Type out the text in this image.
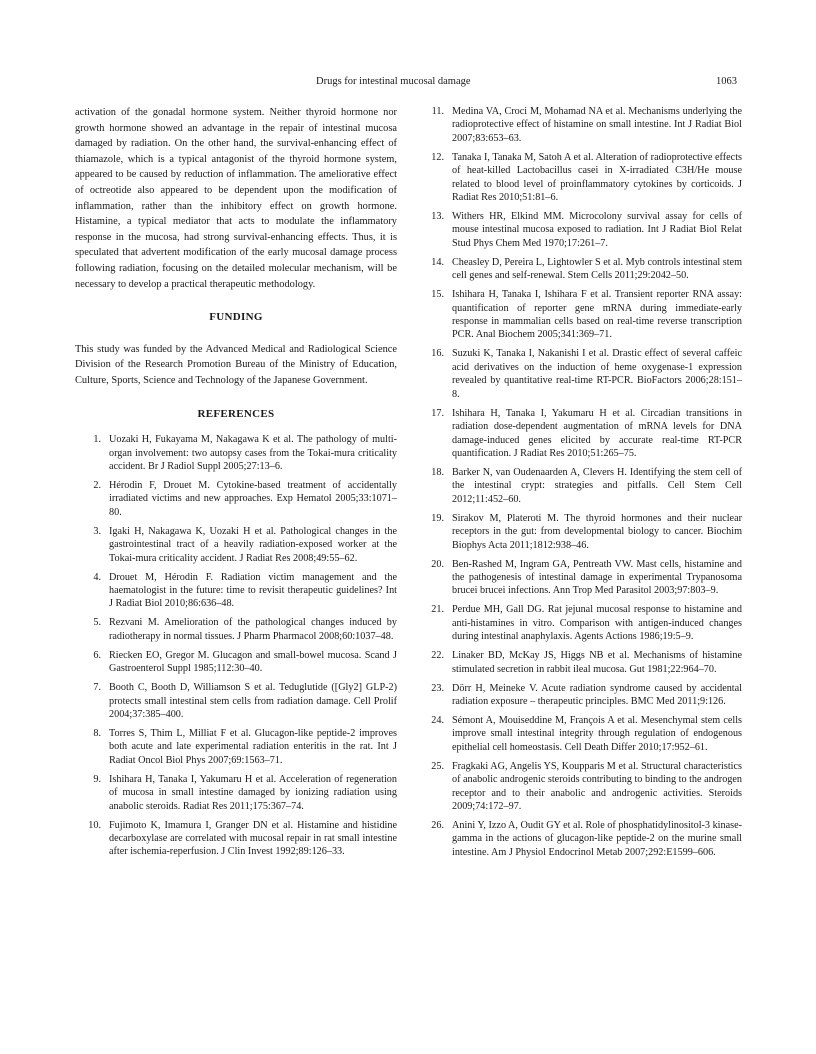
Drugs for intestinal mucosal damage	1063

activation of the gonadal hormone system. Neither thyroid hormone nor growth hormone showed an advantage in the repair of intestinal mucosa damaged by radiation. On the other hand, the survival-enhancing effect of thiamazole, which is a typical antagonist of the thyroid hormone system, appeared to be caused by reduction of inflammation. The ameliorative effect of octreotide also appeared to be dependent upon the modification of inflammation, rather than the inhibitory effect on growth hormone. Histamine, a typical mediator that acts to modulate the inflammatory response in the mucosa, had strong survival-enhancing effects. Thus, it is speculated that advertent modification of the early mucosal damage process following radiation, focusing on the detailed molecular mechanism, will be necessary to develop a practical therapeutic methodology.

FUNDING

This study was funded by the Advanced Medical and Radiological Science Division of the Research Promotion Bureau of the Ministry of Education, Culture, Sports, Science and Technology of the Japanese Government.

REFERENCES
1. Uozaki H, Fukayama M, Nakagawa K et al. The pathology of multi-organ involvement: two autopsy cases from the Tokai-mura criticality accident. Br J Radiol Suppl 2005;27:13–6.
2. Hérodin F, Drouet M. Cytokine-based treatment of accidentally irradiated victims and new approaches. Exp Hematol 2005;33:1071–80.
3. Igaki H, Nakagawa K, Uozaki H et al. Pathological changes in the gastrointestinal tract of a heavily radiation-exposed worker at the Tokai-mura criticality accident. J Radiat Res 2008;49:55–62.
4. Drouet M, Hérodin F. Radiation victim management and the haematologist in the future: time to revisit therapeutic guidelines? Int J Radiat Biol 2010;86:636–48.
5. Rezvani M. Amelioration of the pathological changes induced by radiotherapy in normal tissues. J Pharm Pharmacol 2008;60:1037–48.
6. Riecken EO, Gregor M. Glucagon and small-bowel mucosa. Scand J Gastroenterol Suppl 1985;112:30–40.
7. Booth C, Booth D, Williamson S et al. Teduglutide ([Gly2] GLP-2) protects small intestinal stem cells from radiation damage. Cell Prolif 2004;37:385–400.
8. Torres S, Thim L, Milliat F et al. Glucagon-like peptide-2 improves both acute and late experimental radiation enteritis in the rat. Int J Radiat Oncol Biol Phys 2007;69:1563–71.
9. Ishihara H, Tanaka I, Yakumaru H et al. Acceleration of regeneration of mucosa in small intestine damaged by ionizing radiation using anabolic steroids. Radiat Res 2011;175:367–74.
10. Fujimoto K, Imamura I, Granger DN et al. Histamine and histidine decarboxylase are correlated with mucosal repair in rat small intestine after ischemia-reperfusion. J Clin Invest 1992;89:126–33.
11. Medina VA, Croci M, Mohamad NA et al. Mechanisms underlying the radioprotective effect of histamine on small intestine. Int J Radiat Biol 2007;83:653–63.
12. Tanaka I, Tanaka M, Satoh A et al. Alteration of radioprotective effects of heat-killed Lactobacillus casei in X-irradiated C3H/He mouse related to blood level of proinflammatory cytokines by corticoids. J Radiat Res 2010;51:81–6.
13. Withers HR, Elkind MM. Microcolony survival assay for cells of mouse intestinal mucosa exposed to radiation. Int J Radiat Biol Relat Stud Phys Chem Med 1970;17:261–7.
14. Cheasley D, Pereira L, Lightowler S et al. Myb controls intestinal stem cell genes and self-renewal. Stem Cells 2011;29:2042–50.
15. Ishihara H, Tanaka I, Ishihara F et al. Transient reporter RNA assay: quantification of reporter gene mRNA during immediate-early response in mammalian cells based on real-time reverse transcription PCR. Anal Biochem 2005;341:369–71.
16. Suzuki K, Tanaka I, Nakanishi I et al. Drastic effect of several caffeic acid derivatives on the induction of heme oxygenase-1 expression revealed by quantitative real-time RT-PCR. BioFactors 2006;28:151–8.
17. Ishihara H, Tanaka I, Yakumaru H et al. Circadian transitions in radiation dose-dependent augmentation of mRNA levels for DNA damage-induced genes elicited by accurate real-time RT-PCR quantification. J Radiat Res 2010;51:265–75.
18. Barker N, van Oudenaarden A, Clevers H. Identifying the stem cell of the intestinal crypt: strategies and pitfalls. Cell Stem Cell 2012;11:452–60.
19. Sirakov M, Plateroti M. The thyroid hormones and their nuclear receptors in the gut: from developmental biology to cancer. Biochim Biophys Acta 2011;1812:938–46.
20. Ben-Rashed M, Ingram GA, Pentreath VW. Mast cells, histamine and the pathogenesis of intestinal damage in experimental Trypanosoma brucei brucei infections. Ann Trop Med Parasitol 2003;97:803–9.
21. Perdue MH, Gall DG. Rat jejunal mucosal response to histamine and anti-histamines in vitro. Comparison with antigen-induced changes during intestinal anaphylaxis. Agents Actions 1986;19:5–9.
22. Linaker BD, McKay JS, Higgs NB et al. Mechanisms of histamine stimulated secretion in rabbit ileal mucosa. Gut 1981;22:964–70.
23. Dörr H, Meineke V. Acute radiation syndrome caused by accidental radiation exposure – therapeutic principles. BMC Med 2011;9:126.
24. Sémont A, Mouiseddine M, François A et al. Mesenchymal stem cells improve small intestinal integrity through regulation of endogenous epithelial cell homeostasis. Cell Death Differ 2010;17:952–61.
25. Fragkaki AG, Angelis YS, Koupparis M et al. Structural characteristics of anabolic androgenic steroids contributing to binding to the androgen receptor and to their anabolic and androgenic activities. Steroids 2009;74:172–97.
26. Anini Y, Izzo A, Oudit GY et al. Role of phosphatidylinositol-3 kinase-gamma in the actions of glucagon-like peptide-2 on the murine small intestine. Am J Physiol Endocrinol Metab 2007;292:E1599–606.
